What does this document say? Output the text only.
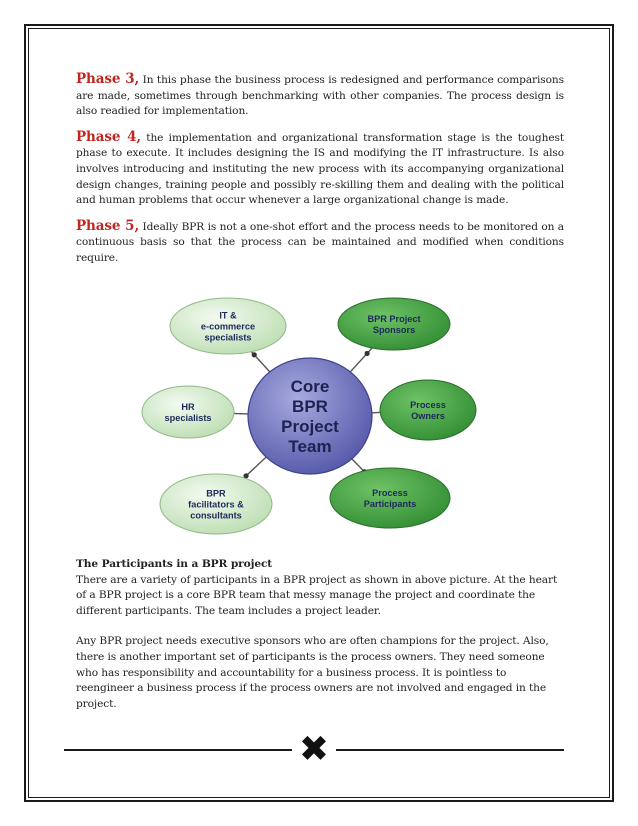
Phase 3, In this phase the business process is redesigned and performance comparisons are made, sometimes through benchmarking with other companies. The process design is also readied for implementation.

Phase 4, the implementation and organizational transformation stage is the toughest phase to execute. It includes designing the IS and modifying the IT infrastructure. Is also involves introducing and instituting the new process with its accompanying organizational design changes, training people and possibly re-skilling them and dealing with the political and human problems that occur whenever a large organizational change is made.

Phase 5, Ideally BPR is not a one-shot effort and the process needs to be monitored on a continuous basis so that the process can be maintained and modified when conditions require.

IT &
e-commerce
specialists
BPR Project
Sponsors
HR
specialists
Process
Owners
BPR
facilitators &
consultants
Process
Participants
Core
BPR
Project
Team
The Participants in a BPR project

There are a variety of participants in a BPR project as shown in above picture. At the heart of a BPR project is a core BPR team that messy manage the project and coordinate the different participants. The team includes a project leader.

Any BPR project needs executive sponsors who are often champions for the project. Also, there is another important set of participants is the process owners. They need someone who has responsibility and accountability for a business process. It is pointless to reengineer a business process if the process owners are not involved and engaged in the project.

✖
